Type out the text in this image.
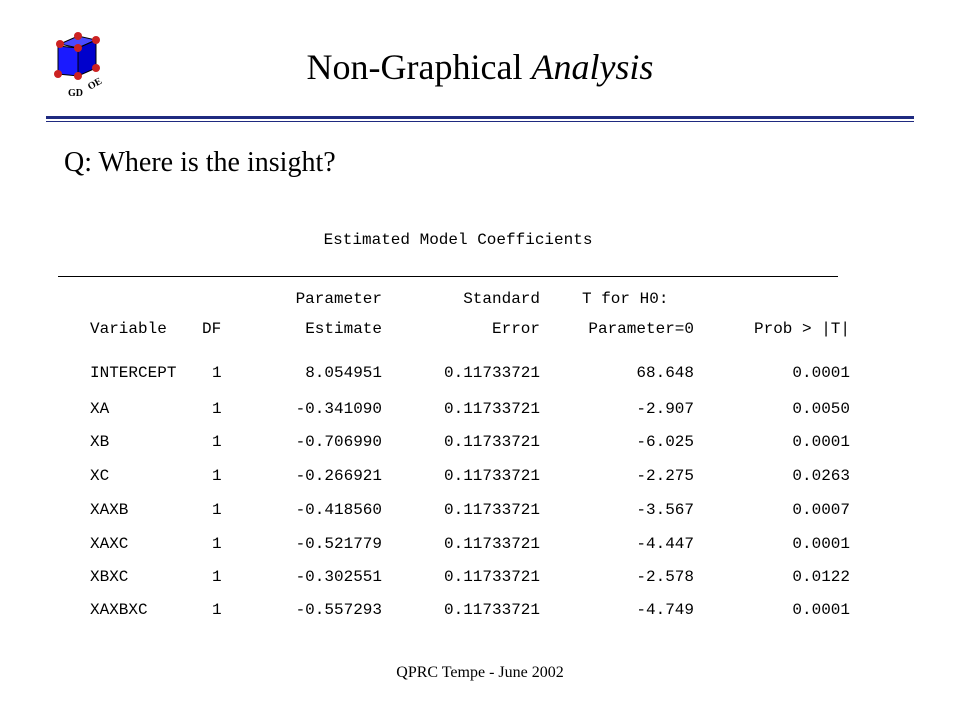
GD
OE	Non-Graphical Analysis
Q: Where is the insight?
Estimated Model Coefficients
Parameter	Standard	T for H0:
Variable DF	Estimate	Error	Parameter=0	Prob > |T|
INTERCEPT 1	8.054951	0.11733721	68.648	0.0001
XA	1	-0.341090	0.11733721	-2.907	0.0050
XB	1	-0.706990	0.11733721	-6.025	0.0001
XC	1	-0.266921	0.11733721	-2.275	0.0263
XAXB	1	-0.418560	0.11733721	-3.567	0.0007
XAXC	1	-0.521779	0.11733721	-4.447	0.0001
XBXC	1	-0.302551	0.11733721	-2.578	0.0122
XAXBXC	1	-0.557293	0.11733721	-4.749	0.0001
QPRC Tempe - June 2002
